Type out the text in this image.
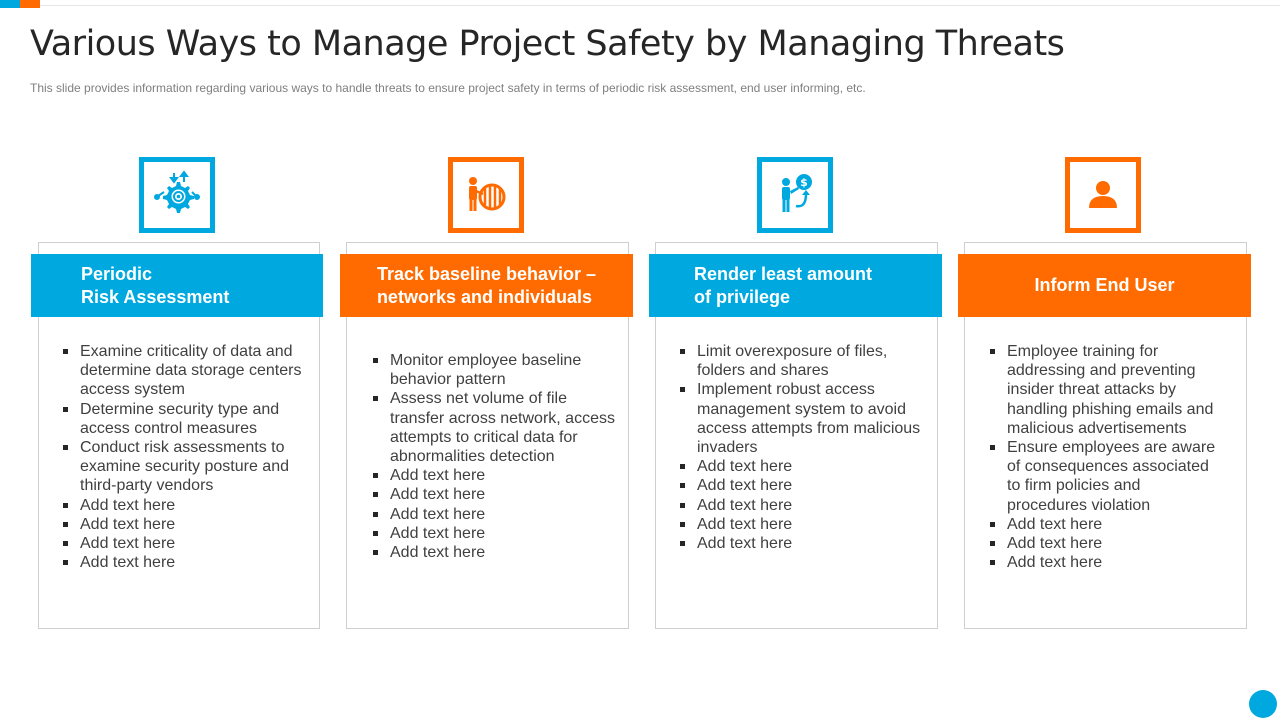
Various Ways to Manage Project Safety by Managing Threats

This slide provides information regarding various ways to handle threats to ensure project safety in terms of periodic risk assessment, end user informing, etc.

Periodic
Risk Assessment
Examine criticality of data and determine data storage centers access system
Determine security type and access control measures
Conduct risk assessments to examine security posture and third-party vendors
Add text here
Add text here
Add text here
Add text here
Track baseline behavior –
networks and individuals
Monitor employee baseline behavior pattern
Assess net volume of file transfer across network, access attempts to critical data for abnormalities detection
Add text here
Add text here
Add text here
Add text here
Add text here
$
Render least amount
of privilege
Limit overexposure of files, folders and shares
Implement robust access management system to avoid access attempts from malicious invaders
Add text here
Add text here
Add text here
Add text here
Add text here
Inform End User
Employee training for addressing and preventing insider threat attacks by handling phishing emails and malicious advertisements
Ensure employees are aware of consequences associated to firm policies and procedures violation
Add text here
Add text here
Add text here
